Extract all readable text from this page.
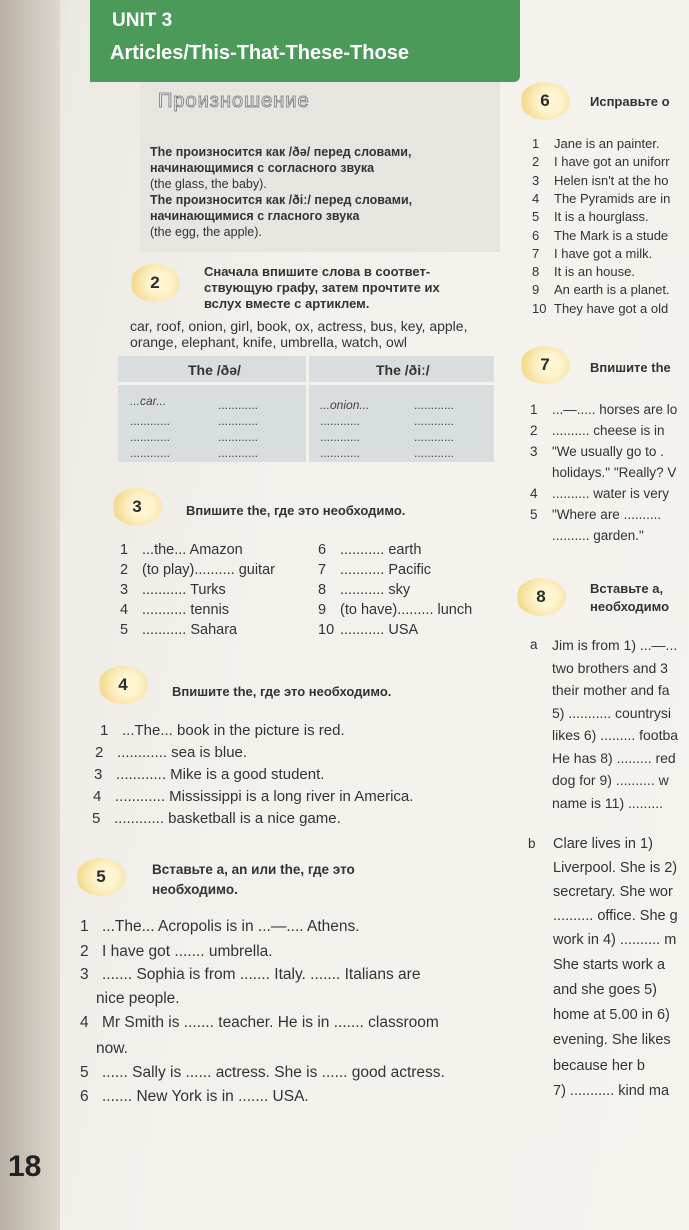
UNIT 3
Articles/This-That-These-Those
Произношение
The произносится как /ðə/ перед словами,
начинающимися с согласного звука
(the glass, the baby).
The произносится как /ðiː/ перед словами,
начинающимися с гласного звука
(the egg, the apple).
2
Сначала впишите слова в соответ-
ствующую графу, затем прочтите их
вслух вместе с артиклем.
car, roof, onion, girl, book, ox, actress, bus, key, apple, orange, elephant, knife, umbrella, watch, owl
The /ðə/	The /ðiː/
...car...	............	...onion...	............
............	............	............	............
............	............	............	............
............	............	............	............
3	Впишите the, где это необходимо.
4	Впишите the, где это необходимо.
5	Вставьте a, an или the, где это
необходимо.
6	Исправьте о
7	Впишите the
8	Вставьте a,
необходимо
a
b
18
1 ...the... Amazon
2 (to play).......... guitar
3 ........... Turks
4 ........... tennis
5 ........... Sahara
6 ........... earth
7 ........... Pacific
8 ........... sky
9 (to have)......... lunch
10 ........... USA
1 ...The... book in the picture is red.
2 ............ sea is blue.
3 ............ Mike is a good student.
4 ............ Mississippi is a long river in America.
5 ............ basketball is a nice game.
1 ...The... Acropolis is in ...—.... Athens.
2 I have got ....... umbrella.
3 ....... Sophia is from ....... Italy. ....... Italians are
nice people.
4 Mr Smith is ....... teacher. He is in ....... classroom
now.
5 ...... Sally is ...... actress. She is ...... good actress.
6 ....... New York is in ....... USA.
1 Jane is an painter.
2 I have got an uniforr
3 Helen isn't at the ho
4 The Pyramids are in
5 It is a hourglass.
6 The Mark is a stude
7 I have got a milk.
8 It is an house.
9 An earth is a planet.
10 They have got a old
1 ...—..... horses are lo
2 .......... cheese is in
3 "We usually go to .
holidays." "Really? V
4 .......... water is very
5 "Where are ..........
.......... garden."
Jim is from 1) ...—...
two brothers and 3
their mother and fa
5) ........... countrysi
likes 6) ......... footba
He has 8) ......... red
dog for 9) .......... w
name is 11) .........
Clare lives in 1)
Liverpool. She is 2)
secretary. She wor
.......... office. She g
work in 4) .......... m
She starts work a
and she goes 5)
home at 5.00 in 6)
evening. She likes
because her b
7) ........... kind ma
